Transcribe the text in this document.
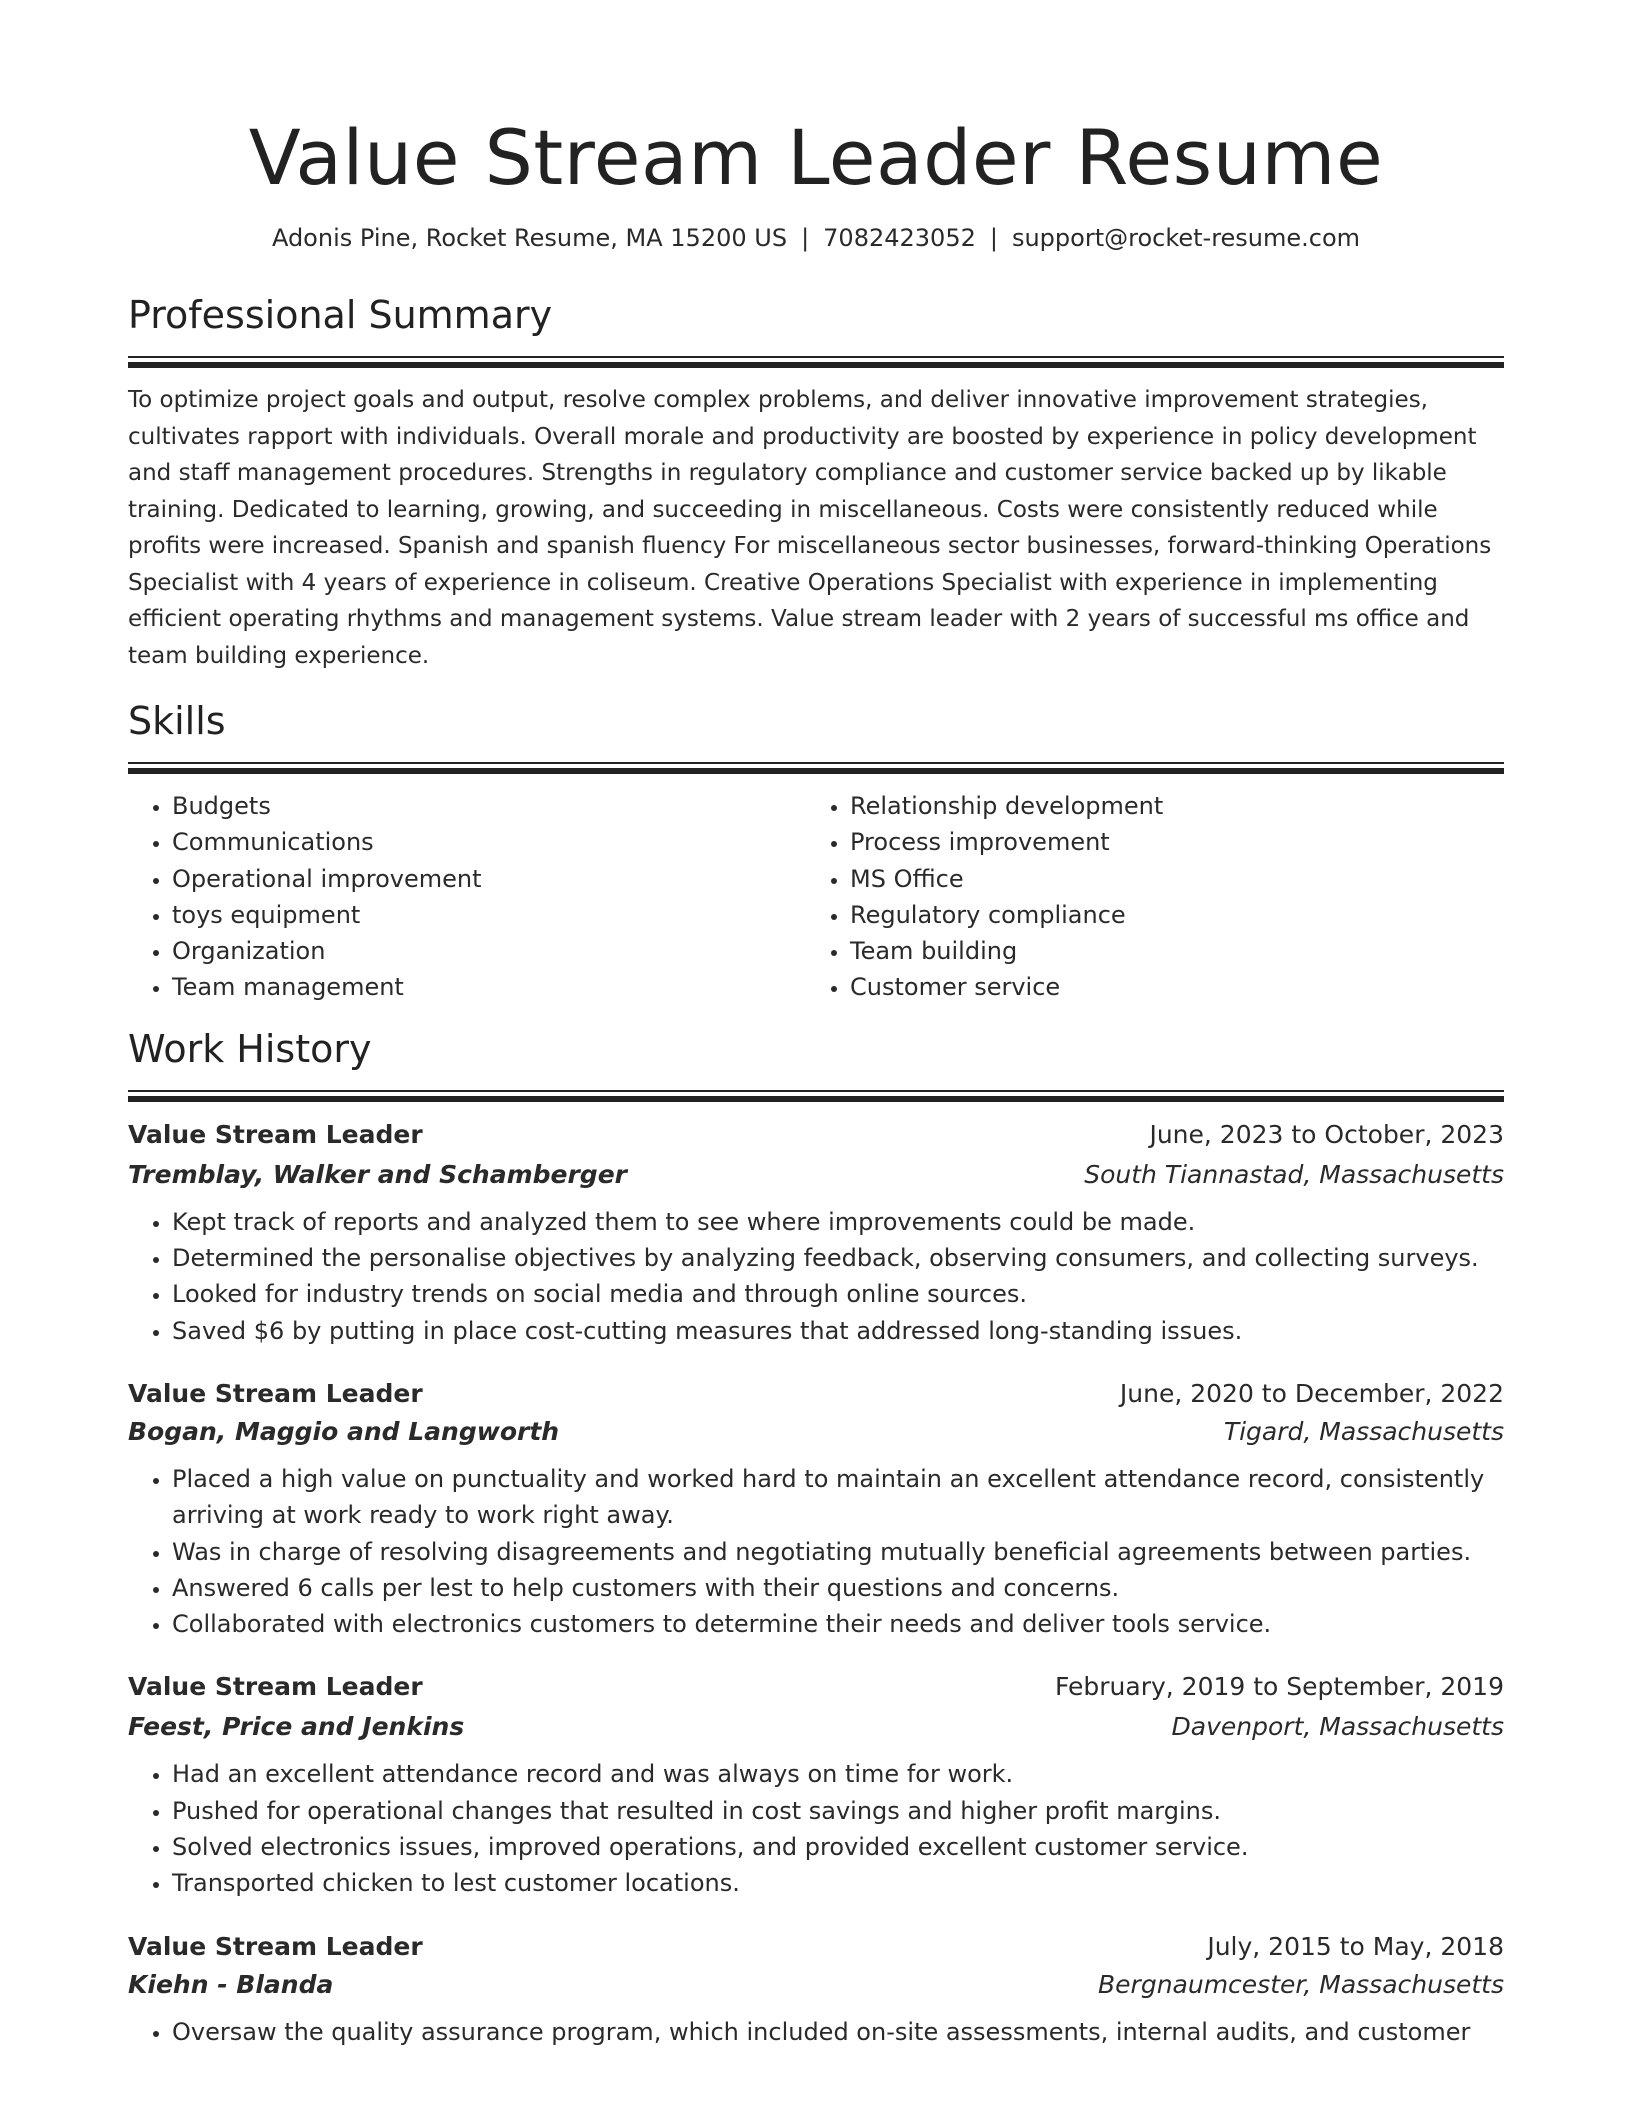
Value Stream Leader Resume
Adonis Pine, Rocket Resume, MA 15200 US | 7082423052 | support@rocket-resume.com
Professional Summary

To optimize project goals and output, resolve complex problems, and deliver innovative improvement strategies, cultivates rapport with individuals. Overall morale and productivity are boosted by experience in policy development and staff management procedures. Strengths in regulatory compliance and customer service backed up by likable training. Dedicated to learning, growing, and succeeding in miscellaneous. Costs were consistently reduced while profits were increased. Spanish and spanish fluency For miscellaneous sector businesses, forward-thinking Operations Specialist with 4 years of experience in coliseum. Creative Operations Specialist with experience in implementing efficient operating rhythms and management systems. Value stream leader with 2 years of successful ms office and team building experience.

Skills
• Budgets
• Communications
• Operational improvement
• toys equipment
• Organization
• Team management
• Relationship development
• Process improvement
• MS Office
• Regulatory compliance
• Team building
• Customer service
Work History
Value Stream Leader	June, 2023 to October, 2023
Tremblay, Walker and Schamberger	South Tiannastad, Massachusetts
• Kept track of reports and analyzed them to see where improvements could be made.
• Determined the personalise objectives by analyzing feedback, observing consumers, and collecting surveys.
• Looked for industry trends on social media and through online sources.
• Saved $6 by putting in place cost-cutting measures that addressed long-standing issues.
Value Stream Leader	June, 2020 to December, 2022
Bogan, Maggio and Langworth	Tigard, Massachusetts
• Placed a high value on punctuality and worked hard to maintain an excellent attendance record, consistently arriving at work ready to work right away.
• Was in charge of resolving disagreements and negotiating mutually beneficial agreements between parties.
• Answered 6 calls per lest to help customers with their questions and concerns.
• Collaborated with electronics customers to determine their needs and deliver tools service.
Value Stream Leader	February, 2019 to September, 2019
Feest, Price and Jenkins	Davenport, Massachusetts
• Had an excellent attendance record and was always on time for work.
• Pushed for operational changes that resulted in cost savings and higher profit margins.
• Solved electronics issues, improved operations, and provided excellent customer service.
• Transported chicken to lest customer locations.
Value Stream Leader	July, 2015 to May, 2018
Kiehn - Blanda	Bergnaumcester, Massachusetts
• Oversaw the quality assurance program, which included on-site assessments, internal audits, and customer
